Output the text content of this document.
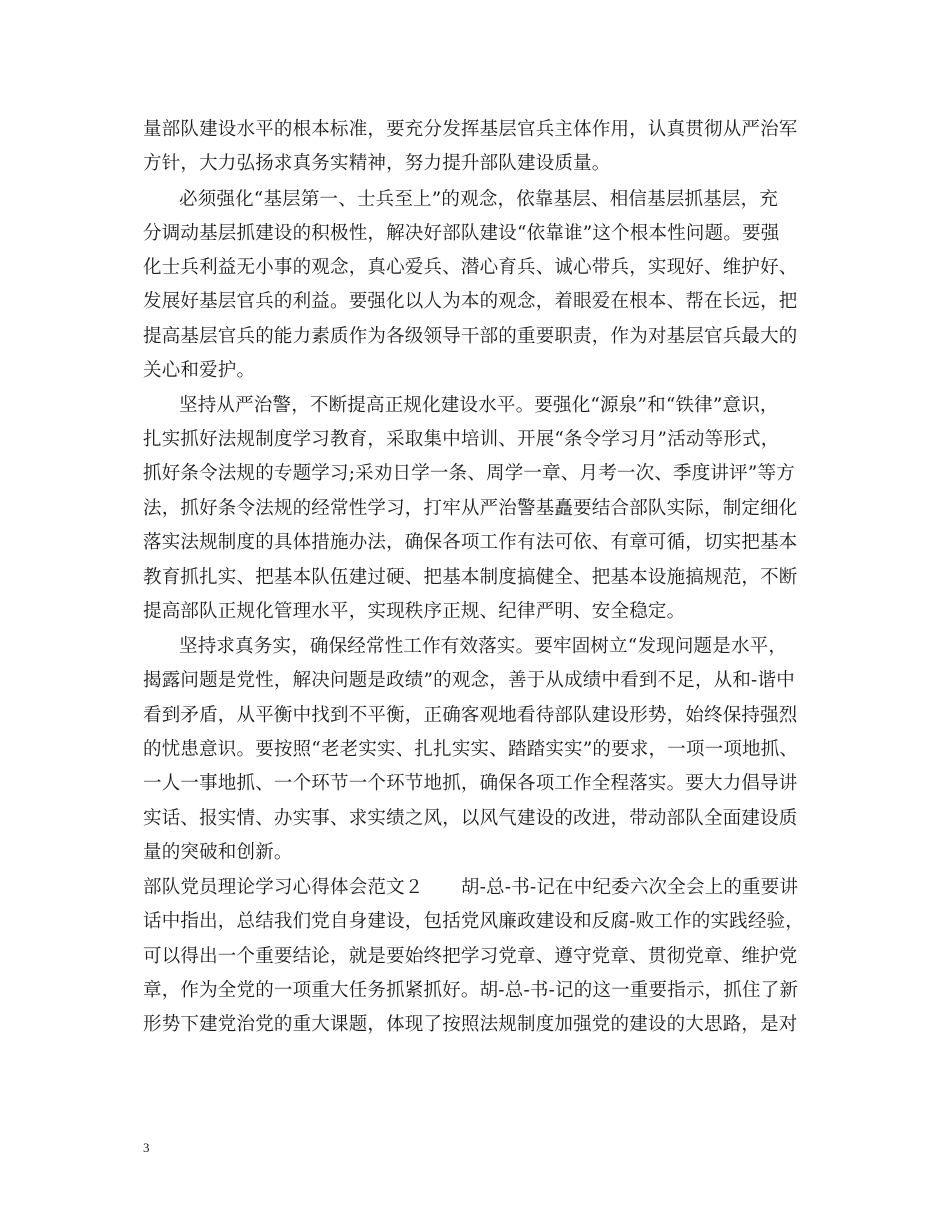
量部队建设水平的根本标准，要充分发挥基层官兵主体作用，认真贯彻从严治军
方针，大力弘扬求真务实精神，努力提升部队建设质量。
必须强化“基层第一、士兵至上”的观念，依靠基层、相信基层抓基层，充
分调动基层抓建设的积极性，解决好部队建设“依靠谁”这个根本性问题。要强
化士兵利益无小事的观念，真心爱兵、潜心育兵、诚心带兵，实现好、维护好、
发展好基层官兵的利益。要强化以人为本的观念，着眼爱在根本、帮在长远，把
提高基层官兵的能力素质作为各级领导干部的重要职责，作为对基层官兵最大的
关心和爱护。
坚持从严治警，不断提高正规化建设水平。要强化“源泉”和“铁律”意识，
扎实抓好法规制度学习教育，采取集中培训、开展“条令学习月”活动等形式，
抓好条令法规的专题学习;采劝日学一条、周学一章、月考一次、季度讲评”等方
法，抓好条令法规的经常性学习，打牢从严治警基矗要结合部队实际，制定细化
落实法规制度的具体措施办法，确保各项工作有法可依、有章可循，切实把基本
教育抓扎实、把基本队伍建过硬、把基本制度搞健全、把基本设施搞规范，不断
提高部队正规化管理水平，实现秩序正规、纪律严明、安全稳定。
坚持求真务实，确保经常性工作有效落实。要牢固树立“发现问题是水平，
揭露问题是党性，解决问题是政绩”的观念，善于从成绩中看到不足，从和-谐中
看到矛盾，从平衡中找到不平衡，正确客观地看待部队建设形势，始终保持强烈
的忧患意识。要按照“老老实实、扎扎实实、踏踏实实”的要求，一项一项地抓、
一人一事地抓、一个环节一个环节地抓，确保各项工作全程落实。要大力倡导讲
实话、报实情、办实事、求实绩之风，以风气建设的改进，带动部队全面建设质
量的突破和创新。
部队党员理论学习心得体会范文２　　胡-总-书-记在中纪委六次全会上的重要讲
话中指出，总结我们党自身建设，包括党风廉政建设和反腐-败工作的实践经验，
可以得出一个重要结论，就是要始终把学习党章、遵守党章、贯彻党章、维护党
章，作为全党的一项重大任务抓紧抓好。胡-总-书-记的这一重要指示，抓住了新
形势下建党治党的重大课题，体现了按照法规制度加强党的建设的大思路，是对
3
